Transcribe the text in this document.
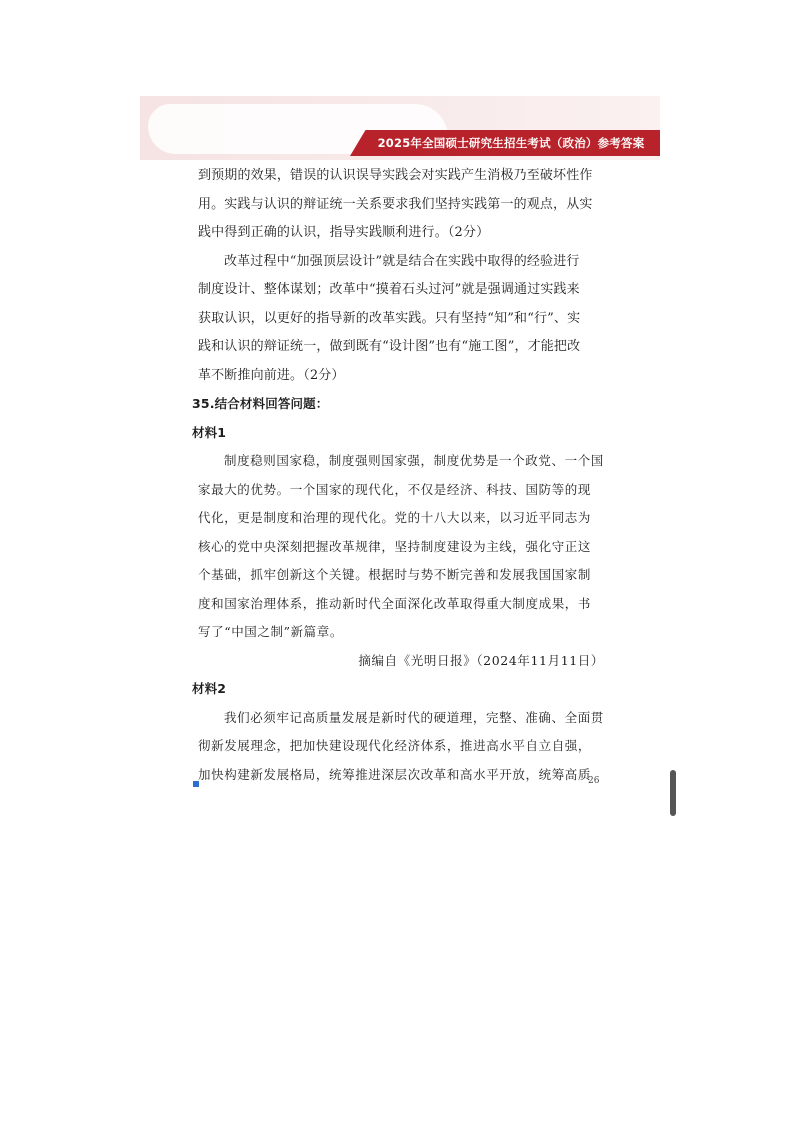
2025年全国硕士研究生招生考试（政治）参考答案
到预期的效果，错误的认识误导实践会对实践产生消极乃至破坏性作
用。实践与认识的辩证统一关系要求我们坚持实践第一的观点，从实
践中得到正确的认识，指导实践顺利进行。（2分）
改革过程中“加强顶层设计”就是结合在实践中取得的经验进行
制度设计、整体谋划；改革中“摸着石头过河”就是强调通过实践来
获取认识，以更好的指导新的改革实践。只有坚持“知”和“行”、实
践和认识的辩证统一，做到既有“设计图”也有“施工图”，才能把改
革不断推向前进。（2分）
35.结合材料回答问题：
材料1
制度稳则国家稳，制度强则国家强，制度优势是一个政党、一个国
家最大的优势。一个国家的现代化，不仅是经济、科技、国防等的现
代化，更是制度和治理的现代化。党的十八大以来，以习近平同志为
核心的党中央深刻把握改革规律，坚持制度建设为主线，强化守正这
个基础，抓牢创新这个关键。根据时与势不断完善和发展我国国家制
度和国家治理体系，推动新时代全面深化改革取得重大制度成果，书
写了“中国之制”新篇章。
摘编自《光明日报》（2024年11月11日）
材料2
我们必须牢记高质量发展是新时代的硬道理，完整、准确、全面贯
彻新发展理念，把加快建设现代化经济体系，推进高水平自立自强，
加快构建新发展格局，统筹推进深层次改革和高水平开放，统筹高质
26
